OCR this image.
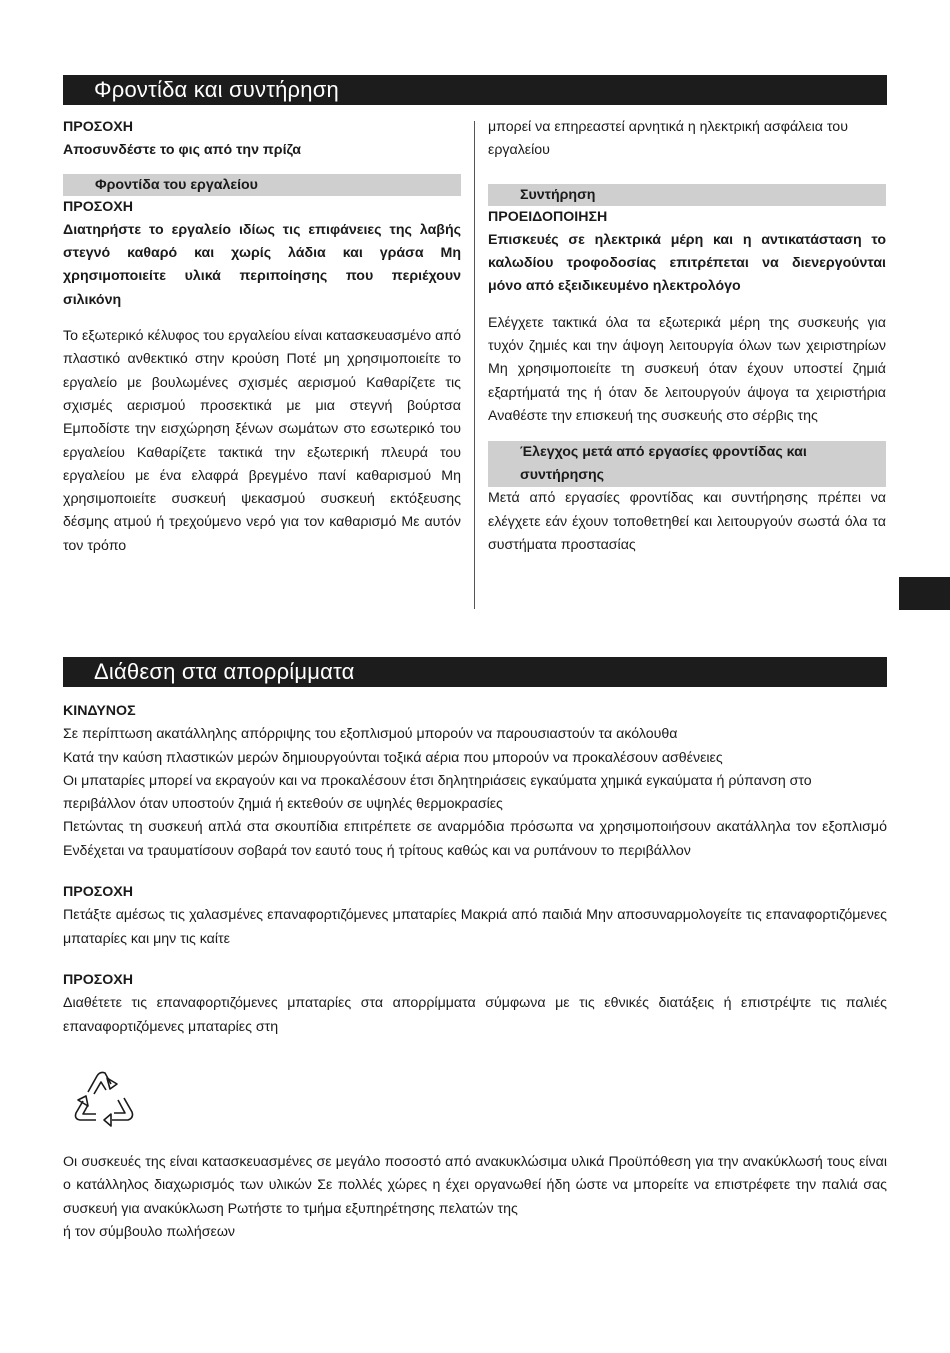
Φροντίδα και συντήρηση

ΠΡΟΣΟΧΗ

Αποσυνδέστε το φις από την πρίζα

Φροντίδα του εργαλείου

ΠΡΟΣΟΧΗ

Διατηρήστε το εργαλείο ιδίως τις επιφάνειες της λαβής στεγνό καθαρό και χωρίς λάδια και γράσα Μη χρησιμοποιείτε υλικά περιποίησης που περιέχουν σιλικόνη

Το εξωτερικό κέλυφος του εργαλείου είναι κατασκευασμένο από πλαστικό ανθεκτικό στην κρούση Ποτέ μη χρησιμοποιείτε το εργαλείο με βουλωμένες σχισμές αερισμού Καθαρίζετε τις σχισμές αερισμού προσεκτικά με μια στεγνή βούρτσα Εμποδίστε την εισχώρηση ξένων σωμάτων στο εσωτερικό του εργαλείου Καθαρίζετε τακτικά την εξωτερική πλευρά του εργαλείου με ένα ελαφρά βρεγμένο πανί καθαρισμού Μη χρησιμοποιείτε συσκευή ψεκασμού συσκευή εκτόξευσης δέσμης ατμού ή τρεχούμενο νερό για τον καθαρισμό Με αυτόν τον τρόπο

μπορεί να επηρεαστεί αρνητικά η ηλεκτρική ασφάλεια του εργαλείου

Συντήρηση

ΠΡΟΕΙΔΟΠΟΙΗΣΗ

Επισκευές σε ηλεκτρικά μέρη και η αντικατάσταση το καλωδίου τροφοδοσίας επιτρέπεται να διενεργούνται μόνο από εξειδικευμένο ηλεκτρολόγο

Ελέγχετε τακτικά όλα τα εξωτερικά μέρη της συσκευής για τυχόν ζημιές και την άψογη λειτουργία όλων των χειριστηρίων Μη χρησιμοποιείτε τη συσκευή όταν έχουν υποστεί ζημιά εξαρτήματά της ή όταν δε λειτουργούν άψογα τα χειριστήρια Αναθέστε την επισκευή της συσκευής στο σέρβις της

Έλεγχος μετά από εργασίες φροντίδας και
συντήρησης

Μετά από εργασίες φροντίδας και συντήρησης πρέπει να ελέγχετε εάν έχουν τοποθετηθεί και λειτουργούν σωστά όλα τα συστήματα προστασίας

Διάθεση στα απορρίμματα

ΚΙΝΔΥΝΟΣ

Σε περίπτωση ακατάλληλης απόρριψης του εξοπλισμού μπορούν να παρουσιαστούν τα ακόλουθα

Κατά την καύση πλαστικών μερών δημιουργούνται τοξικά αέρια που μπορούν να προκαλέσουν ασθένειες

Οι μπαταρίες μπορεί να εκραγούν και να προκαλέσουν έτσι δηλητηριάσεις εγκαύματα χημικά εγκαύματα ή ρύπανση στο περιβάλλον όταν υποστούν ζημιά ή εκτεθούν σε υψηλές θερμοκρασίες

Πετώντας τη συσκευή απλά στα σκουπίδια επιτρέπετε σε αναρμόδια πρόσωπα να χρησιμοποιήσουν ακατάλληλα τον εξοπλισμό Ενδέχεται να τραυματίσουν σοβαρά τον εαυτό τους ή τρίτους καθώς και να ρυπάνουν το περιβάλλον

ΠΡΟΣΟΧΗ

Πετάξτε αμέσως τις χαλασμένες επαναφορτιζόμενες μπαταρίες Μακριά από παιδιά Μην αποσυναρμολογείτε τις επαναφορτιζόμενες μπαταρίες και μην τις καίτε

ΠΡΟΣΟΧΗ

Διαθέτετε τις επαναφορτιζόμενες μπαταρίες στα απορρίμματα σύμφωνα με τις εθνικές διατάξεις ή επιστρέψτε τις παλιές επαναφορτιζόμενες μπαταρίες στη

Οι συσκευές της είναι κατασκευασμένες σε μεγάλο ποσοστό από ανακυκλώσιμα υλικά Προϋπόθεση για την ανακύκλωσή τους είναι ο κατάλληλος διαχωρισμός των υλικών Σε πολλές χώρες η έχει οργανωθεί ήδη ώστε να μπορείτε να επιστρέφετε την παλιά σας συσκευή για ανακύκλωση Ρωτήστε το τμήμα εξυπηρέτησης πελατών της

ή τον σύμβουλο πωλήσεων
